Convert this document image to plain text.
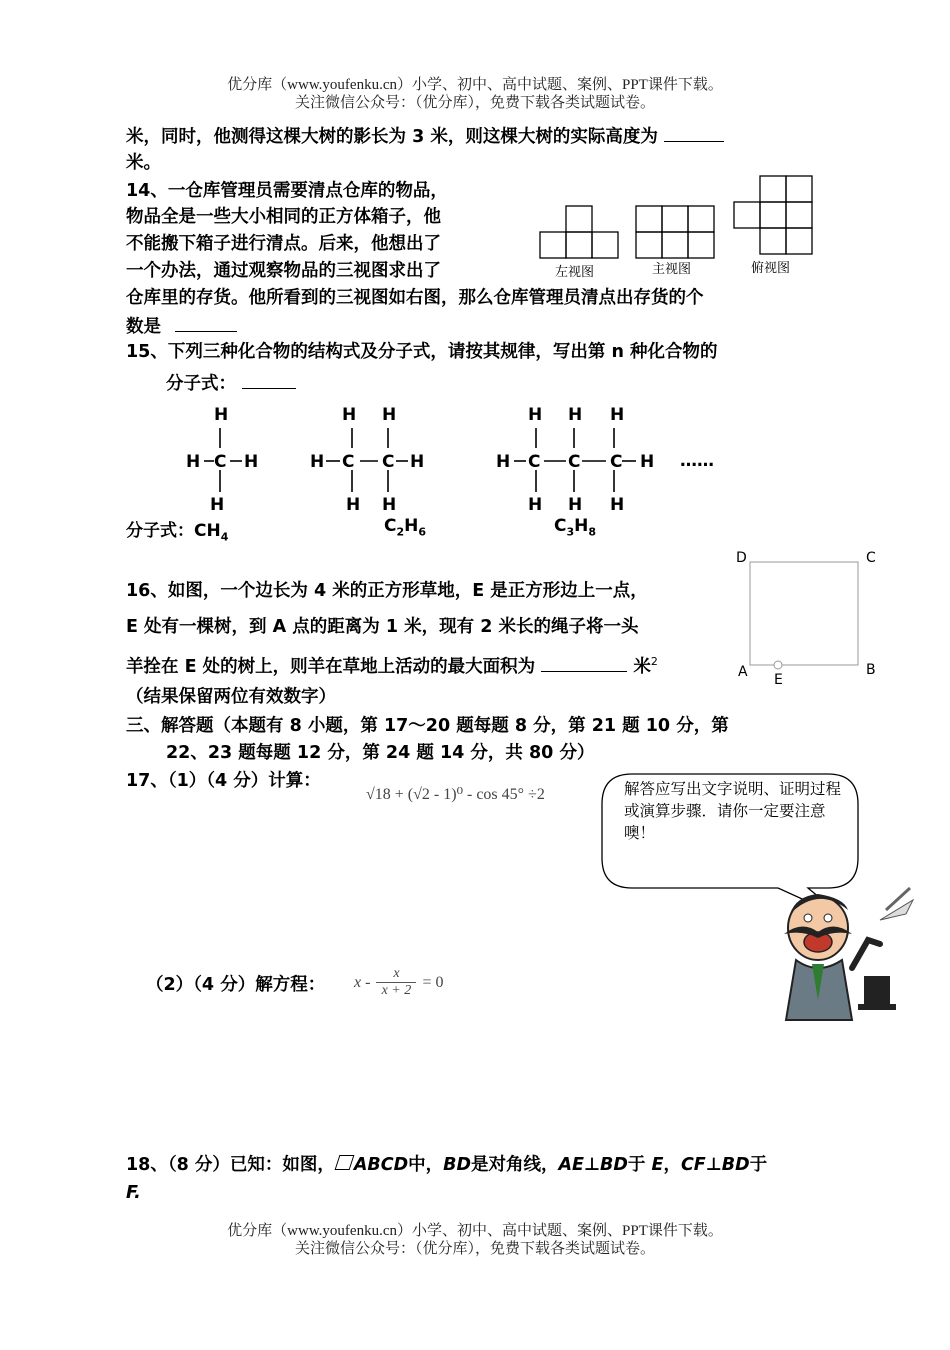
优分库（www.youfenku.cn）小学、初中、高中试题、案例、PPT课件下载。
关注微信公众号：（优分库），免费下载各类试题试卷。
米，同时，他测得这棵大树的影长为 3 米，则这棵大树的实际高度为
米。
14、一仓库管理员需要清点仓库的物品，
物品全是一些大小相同的正方体箱子，他
不能搬下箱子进行清点。后来，他想出了
一个办法，通过观察物品的三视图求出了
仓库里的存货。他所看到的三视图如右图，那么仓库管理员清点出存货的个
数是
左视图	主视图	俯视图
15、下列三种化合物的结构式及分子式，请按其规律，写出第 n 种化合物的
分子式：
H
H C H
H
H H
H C C H
H H
H H H
H C C C H
H H H
……
分子式：$CH_4$
$C_2H_6$	$C_3H_8$
16、如图，一个边长为 4 米的正方形草地，E 是正方形边上一点，
E 处有一棵树，到 A 点的距离为 1 米，现有 2 米长的绳子将一头
羊拴在 E 处的树上，则羊在草地上活动的最大面积为	米$^2$
（结果保留两位有效数字）
D	C
A	B
E
三、解答题（本题有 8 小题，第 17～20 题每题 8 分，第 21 题 10 分，第
22、23 题每题 12 分，第 24 题 14 分，共 80 分）
17、（1）（4 分）计算：
√18 + (√2 - 1)⁰ - cos 45° ÷2	解答应写出文字说明、证明过程或演算步骤．请你一定要注意噢！
（2）（4 分）解方程： x - x
x + 2 = 0
18、（8 分）已知：如图， ABCD中，BD是对角线，AE⊥BD于 E，CF⊥BD于
F.
优分库（www.youfenku.cn）小学、初中、高中试题、案例、PPT课件下载。
关注微信公众号：（优分库），免费下载各类试题试卷。
